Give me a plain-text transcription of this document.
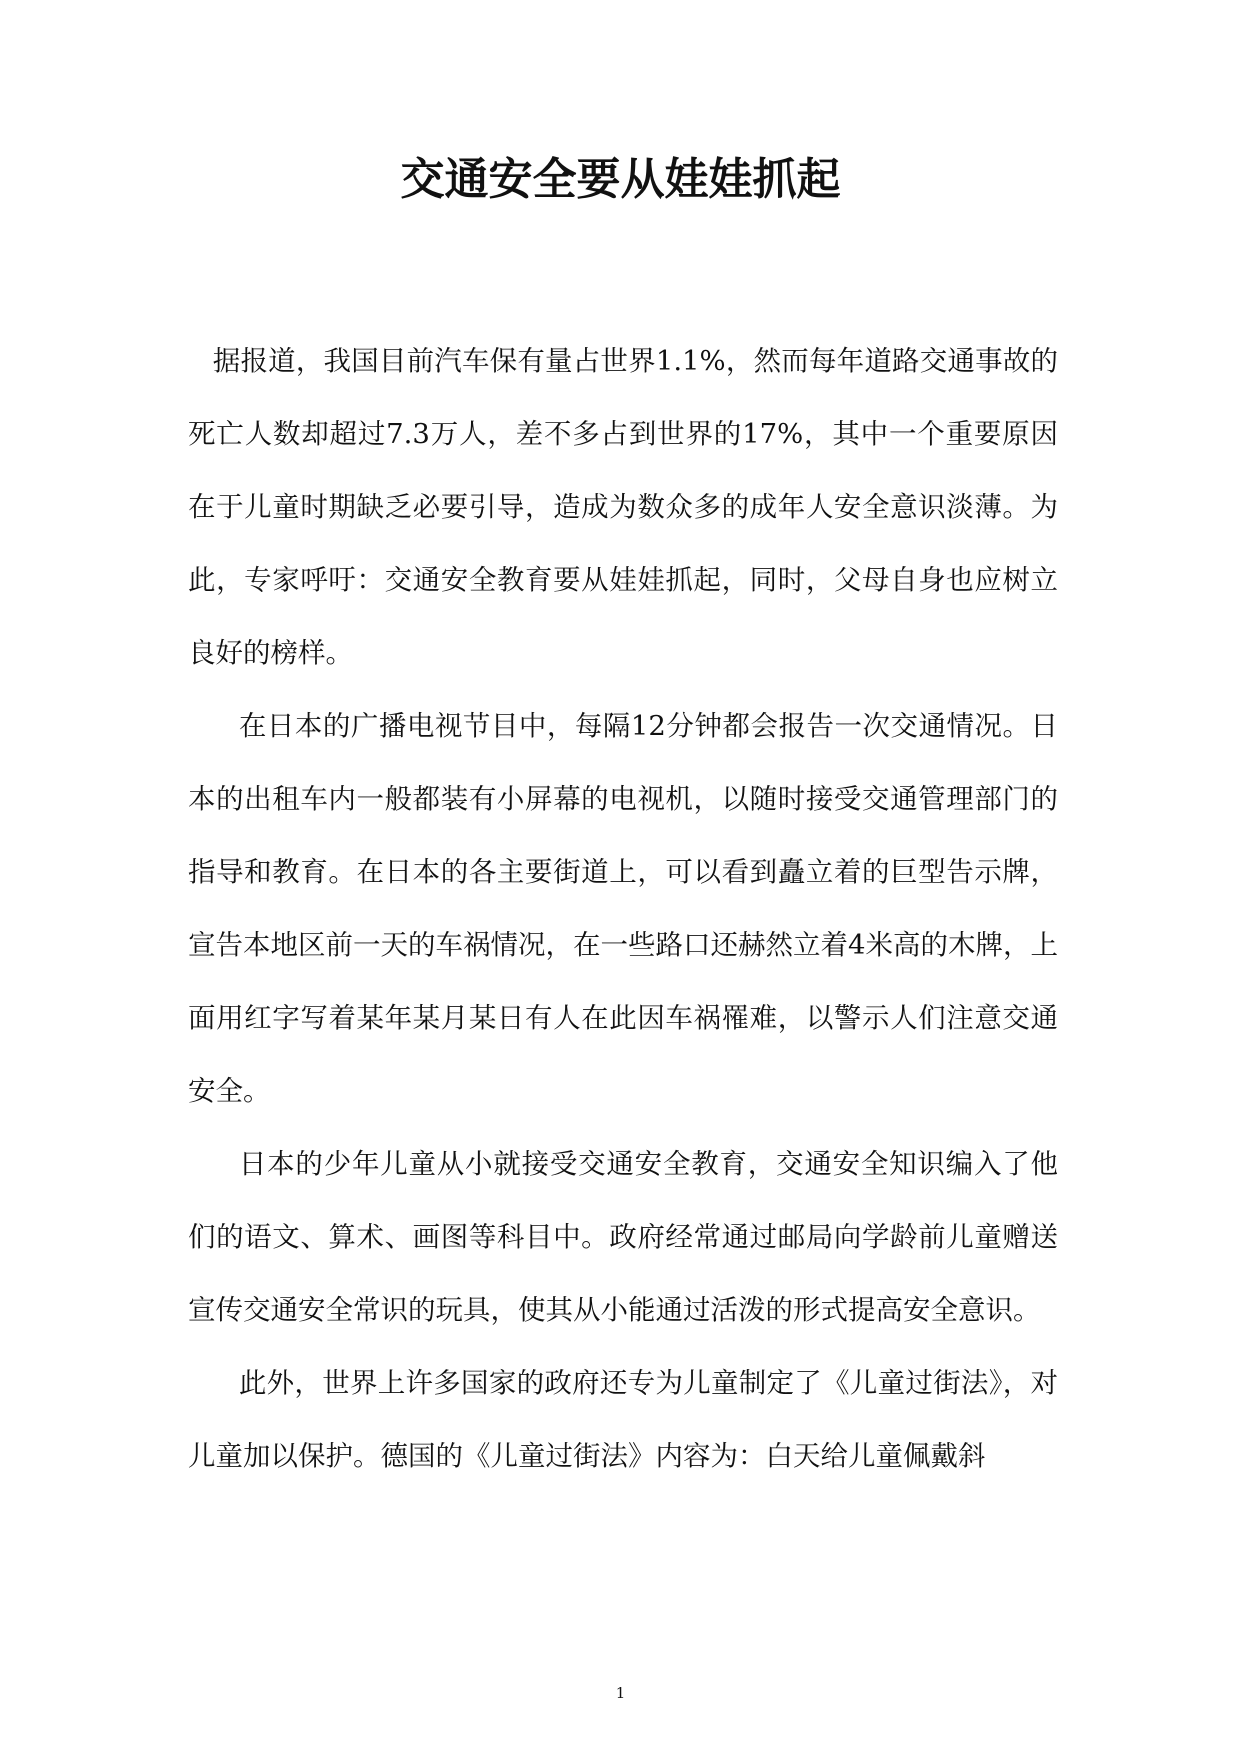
交通安全要从娃娃抓起

据报道，我国目前汽车保有量占世界1.1%，然而每年道路交通事故的死亡人数却超过7.3万人，差不多占到世界的17%，其中一个重要原因在于儿童时期缺乏必要引导，造成为数众多的成年人安全意识淡薄。为此，专家呼吁：交通安全教育要从娃娃抓起，同时，父母自身也应树立良好的榜样。

在日本的广播电视节目中，每隔12分钟都会报告一次交通情况。日本的出租车内一般都装有小屏幕的电视机，以随时接受交通管理部门的指导和教育。在日本的各主要街道上，可以看到矗立着的巨型告示牌，宣告本地区前一天的车祸情况，在一些路口还赫然立着4米高的木牌，上面用红字写着某年某月某日有人在此因车祸罹难，以警示人们注意交通安全。

日本的少年儿童从小就接受交通安全教育，交通安全知识编入了他们的语文、算术、画图等科目中。政府经常通过邮局向学龄前儿童赠送宣传交通安全常识的玩具，使其从小能通过活泼的形式提高安全意识。

此外，世界上许多国家的政府还专为儿童制定了《儿童过街法》，对儿童加以保护。德国的《儿童过街法》内容为：白天给儿童佩戴斜

1
